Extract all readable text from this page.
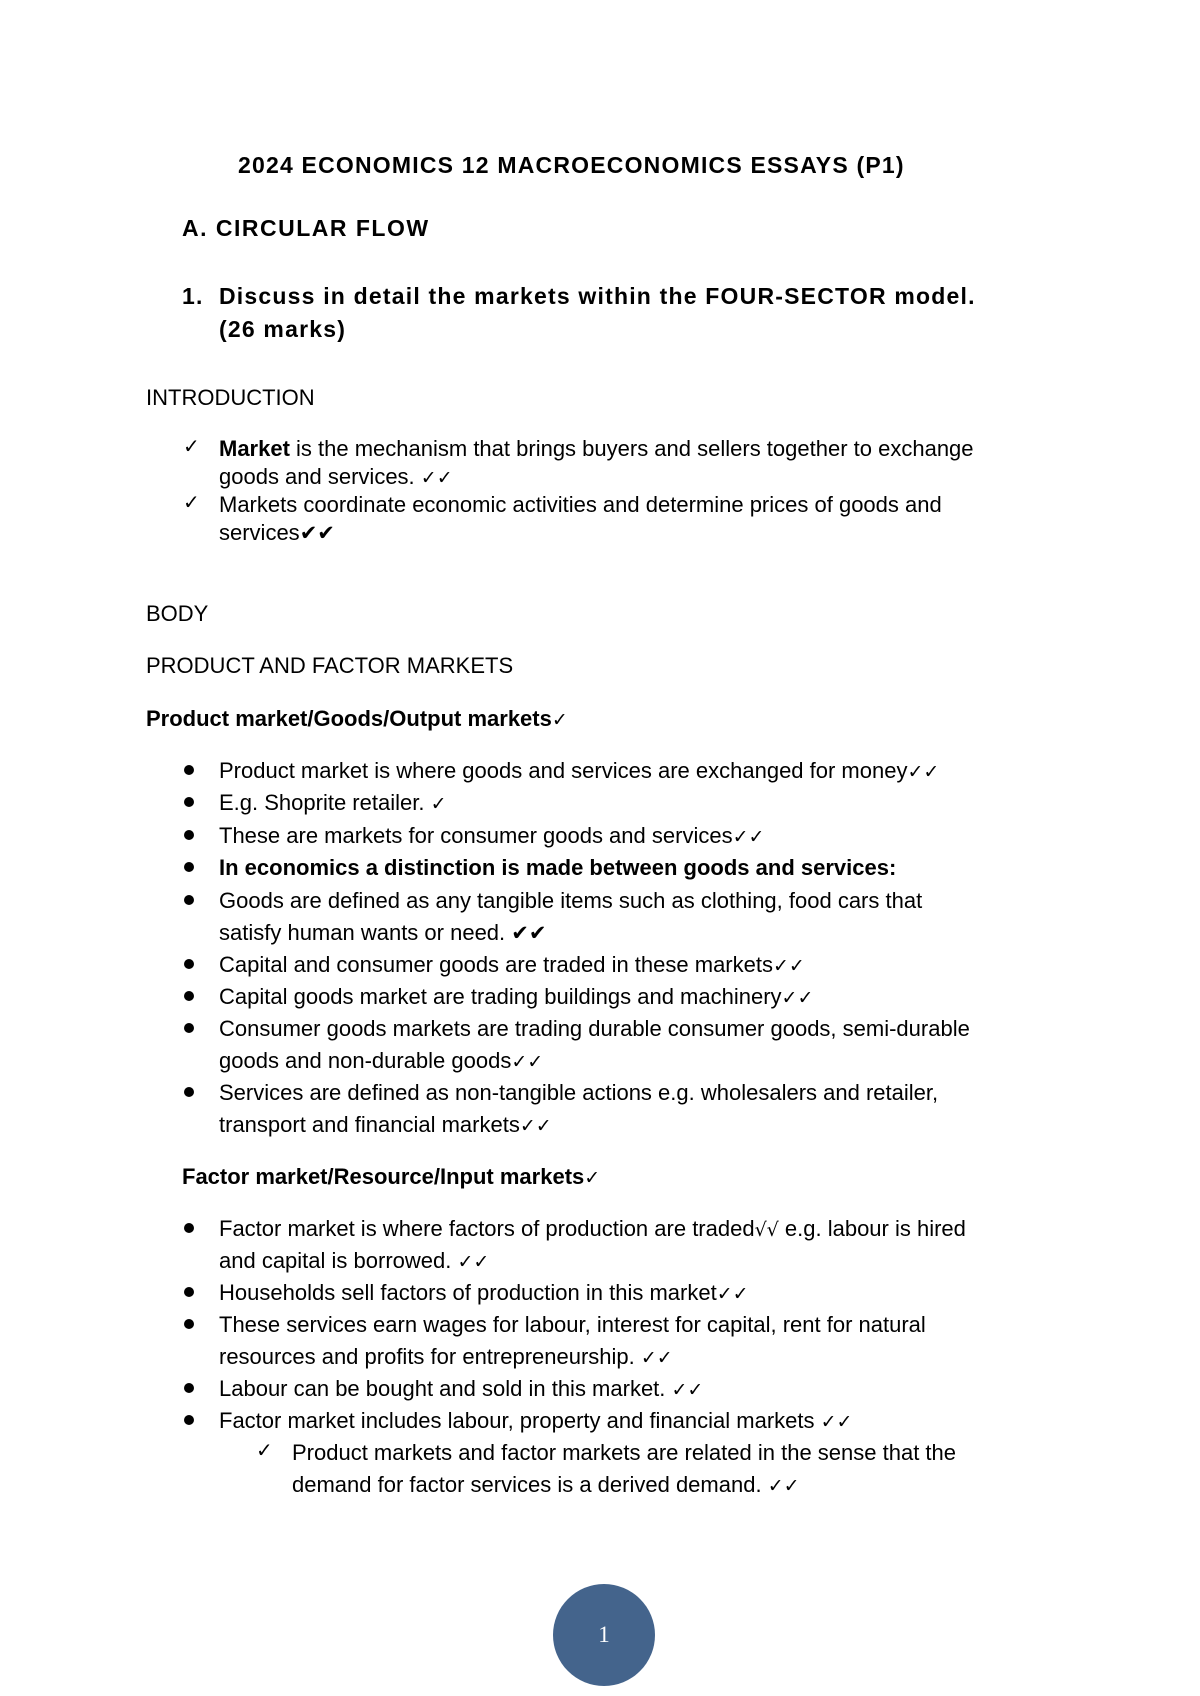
2024 ECONOMICS 12 MACROECONOMICS ESSAYS (P1)
A. CIRCULAR FLOW
1. Discuss in detail the markets within the FOUR-SECTOR model.
(26 marks)
INTRODUCTION
✓ Market is the mechanism that brings buyers and sellers together to exchange
goods and services. ✓✓
✓ Markets coordinate economic activities and determine prices of goods and
services✔✔
BODY
PRODUCT AND FACTOR MARKETS
Product market/Goods/Output markets✓
Product market is where goods and services are exchanged for money✓✓
E.g. Shoprite retailer. ✓
These are markets for consumer goods and services✓✓
In economics a distinction is made between goods and services:
Goods are defined as any tangible items such as clothing, food cars that
satisfy human wants or need. ✔✔
Capital and consumer goods are traded in these markets✓✓
Capital goods market are trading buildings and machinery✓✓
Consumer goods markets are trading durable consumer goods, semi-durable
goods and non-durable goods✓✓
Services are defined as non-tangible actions e.g. wholesalers and retailer,
transport and financial markets✓✓
Factor market/Resource/Input markets✓
Factor market is where factors of production are traded√√ e.g. labour is hired
and capital is borrowed. ✓✓
Households sell factors of production in this market✓✓
These services earn wages for labour, interest for capital, rent for natural
resources and profits for entrepreneurship. ✓✓
Labour can be bought and sold in this market. ✓✓
Factor market includes labour, property and financial markets ✓✓
✓ Product markets and factor markets are related in the sense that the
demand for factor services is a derived demand. ✓✓
1
